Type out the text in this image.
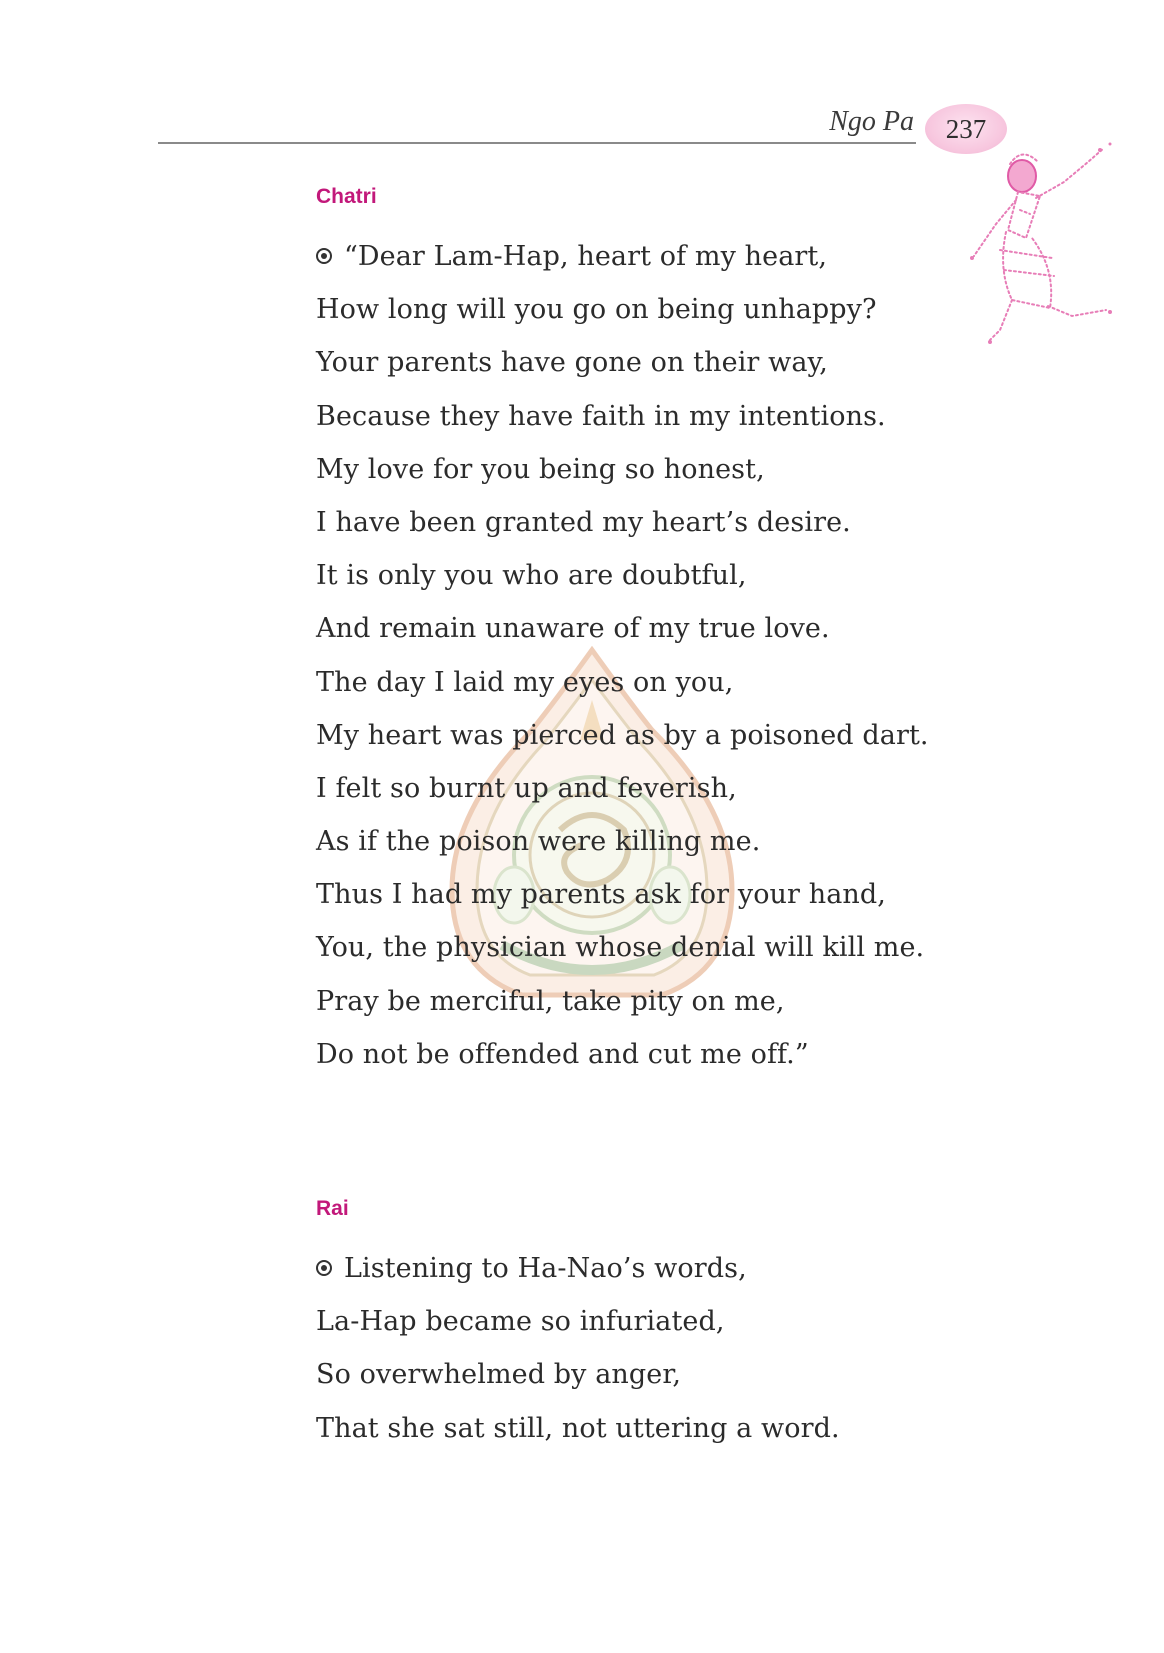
Ngo Pa 237
Chatri
“Dear Lam-Hap, heart of my heart,
How long will you go on being unhappy?
Your parents have gone on their way,
Because they have faith in my intentions.
My love for you being so honest,
I have been granted my heart’s desire.
It is only you who are doubtful,
And remain unaware of my true love.
The day I laid my eyes on you,
My heart was pierced as by a poisoned dart.
I felt so burnt up and feverish,
As if the poison were killing me.
Thus I had my parents ask for your hand,
You, the physician whose denial will kill me.
Pray be merciful, take pity on me,
Do not be offended and cut me off.”
Rai
Listening to Ha-Nao’s words,
La-Hap became so infuriated,
So overwhelmed by anger,
That she sat still, not uttering a word.
